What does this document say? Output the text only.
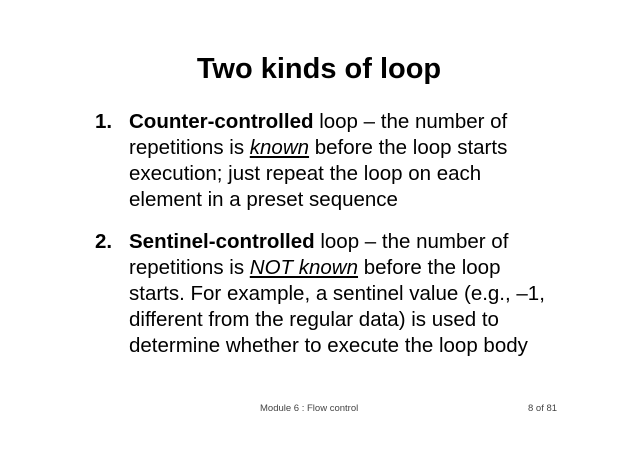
Two kinds of loop
1. Counter-controlled loop – the number of
repetitions is known before the loop starts
execution; just repeat the loop on each
element in a preset sequence
2. Sentinel-controlled loop – the number of
repetitions is NOT known before the loop
starts. For example, a sentinel value (e.g., –1,
different from the regular data) is used to
determine whether to execute the loop body
Module 6 : Flow control	8 of 81
